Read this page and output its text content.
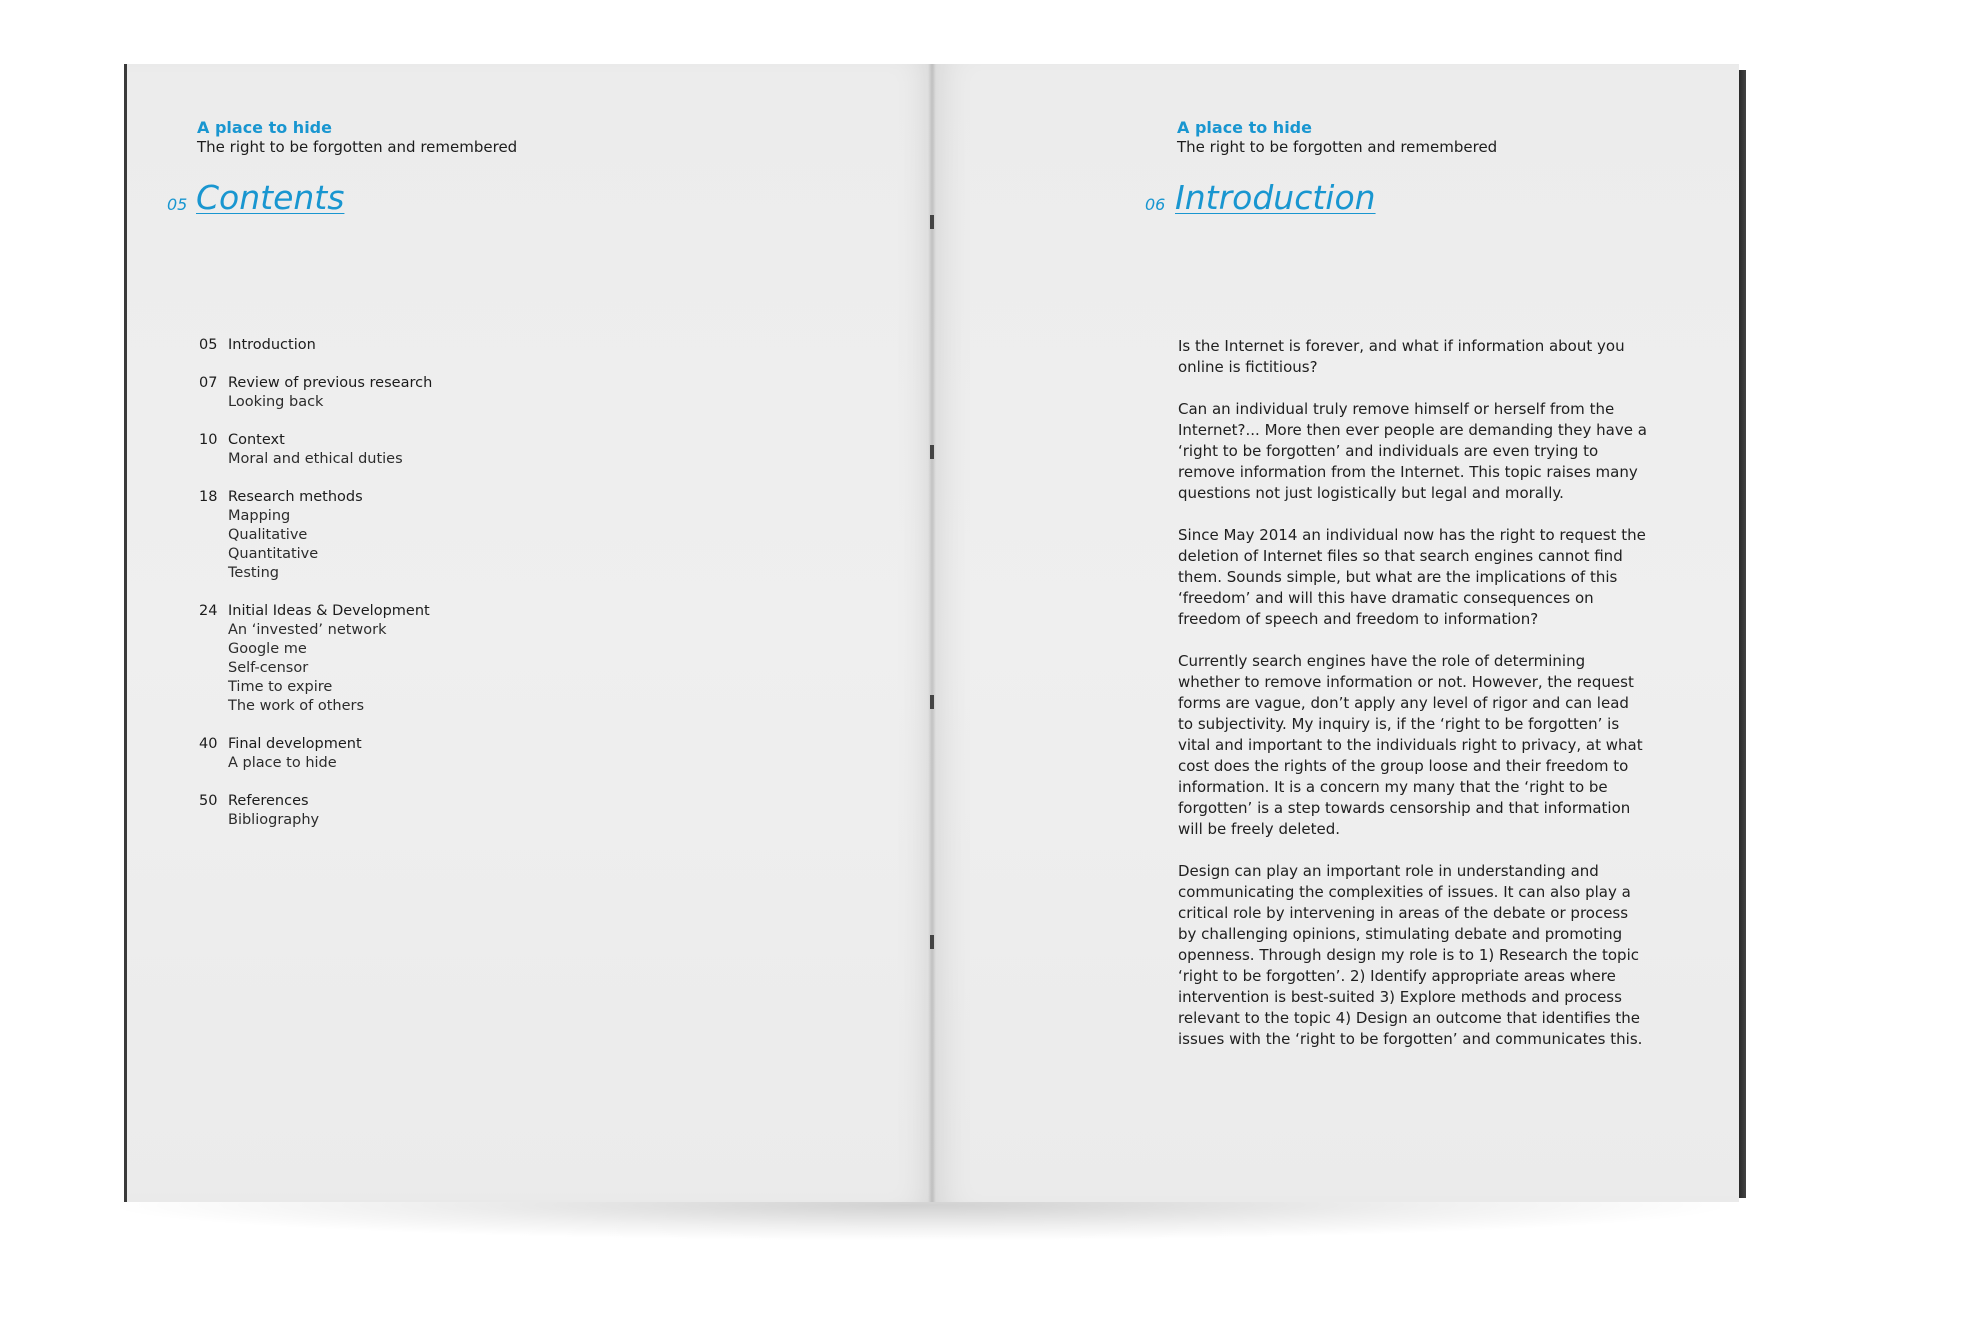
A place to hide
The right to be forgotten and remembered
05 Contents
05 Introduction
07 Review of previous research
Looking back
10 Context
Moral and ethical duties
18 Research methods
Mapping
Qualitative
Quantitative
Testing
24 Initial Ideas & Development
An ‘invested’ network
Google me
Self-censor
Time to expire
The work of others
40 Final development
A place to hide
50 References
Bibliography
A place to hide
The right to be forgotten and remembered
06 Introduction

Is the Internet is forever, and what if information about you online is fictitious?

Can an individual truly remove himself or herself from the Internet?... More then ever people are demanding they have a ‘right to be forgotten’ and individuals are even trying to remove information from the Internet. This topic raises many questions not just logistically but legal and morally.

Since May 2014 an individual now has the right to request the deletion of Internet files so that search engines cannot find them. Sounds simple, but what are the implications of this ‘freedom’ and will this have dramatic consequences on freedom of speech and freedom to information?

Currently search engines have the role of determining whether to remove information or not. However, the request forms are vague, don’t apply any level of rigor and can lead to subjectivity. My inquiry is, if the ‘right to be forgotten’ is vital and important to the individuals right to privacy, at what cost does the rights of the group loose and their freedom to information. It is a concern my many that the ‘right to be forgotten’ is a step towards censorship and that information will be freely deleted.

Design can play an important role in understanding and communicating the complexities of issues. It can also play a critical role by intervening in areas of the debate or process by challenging opinions, stimulating debate and promoting openness. Through design my role is to 1) Research the topic ‘right to be forgotten’. 2) Identify appropriate areas where intervention is best-suited 3) Explore methods and process relevant to the topic 4) Design an outcome that identifies the issues with the ‘right to be forgotten’ and communicates this.
